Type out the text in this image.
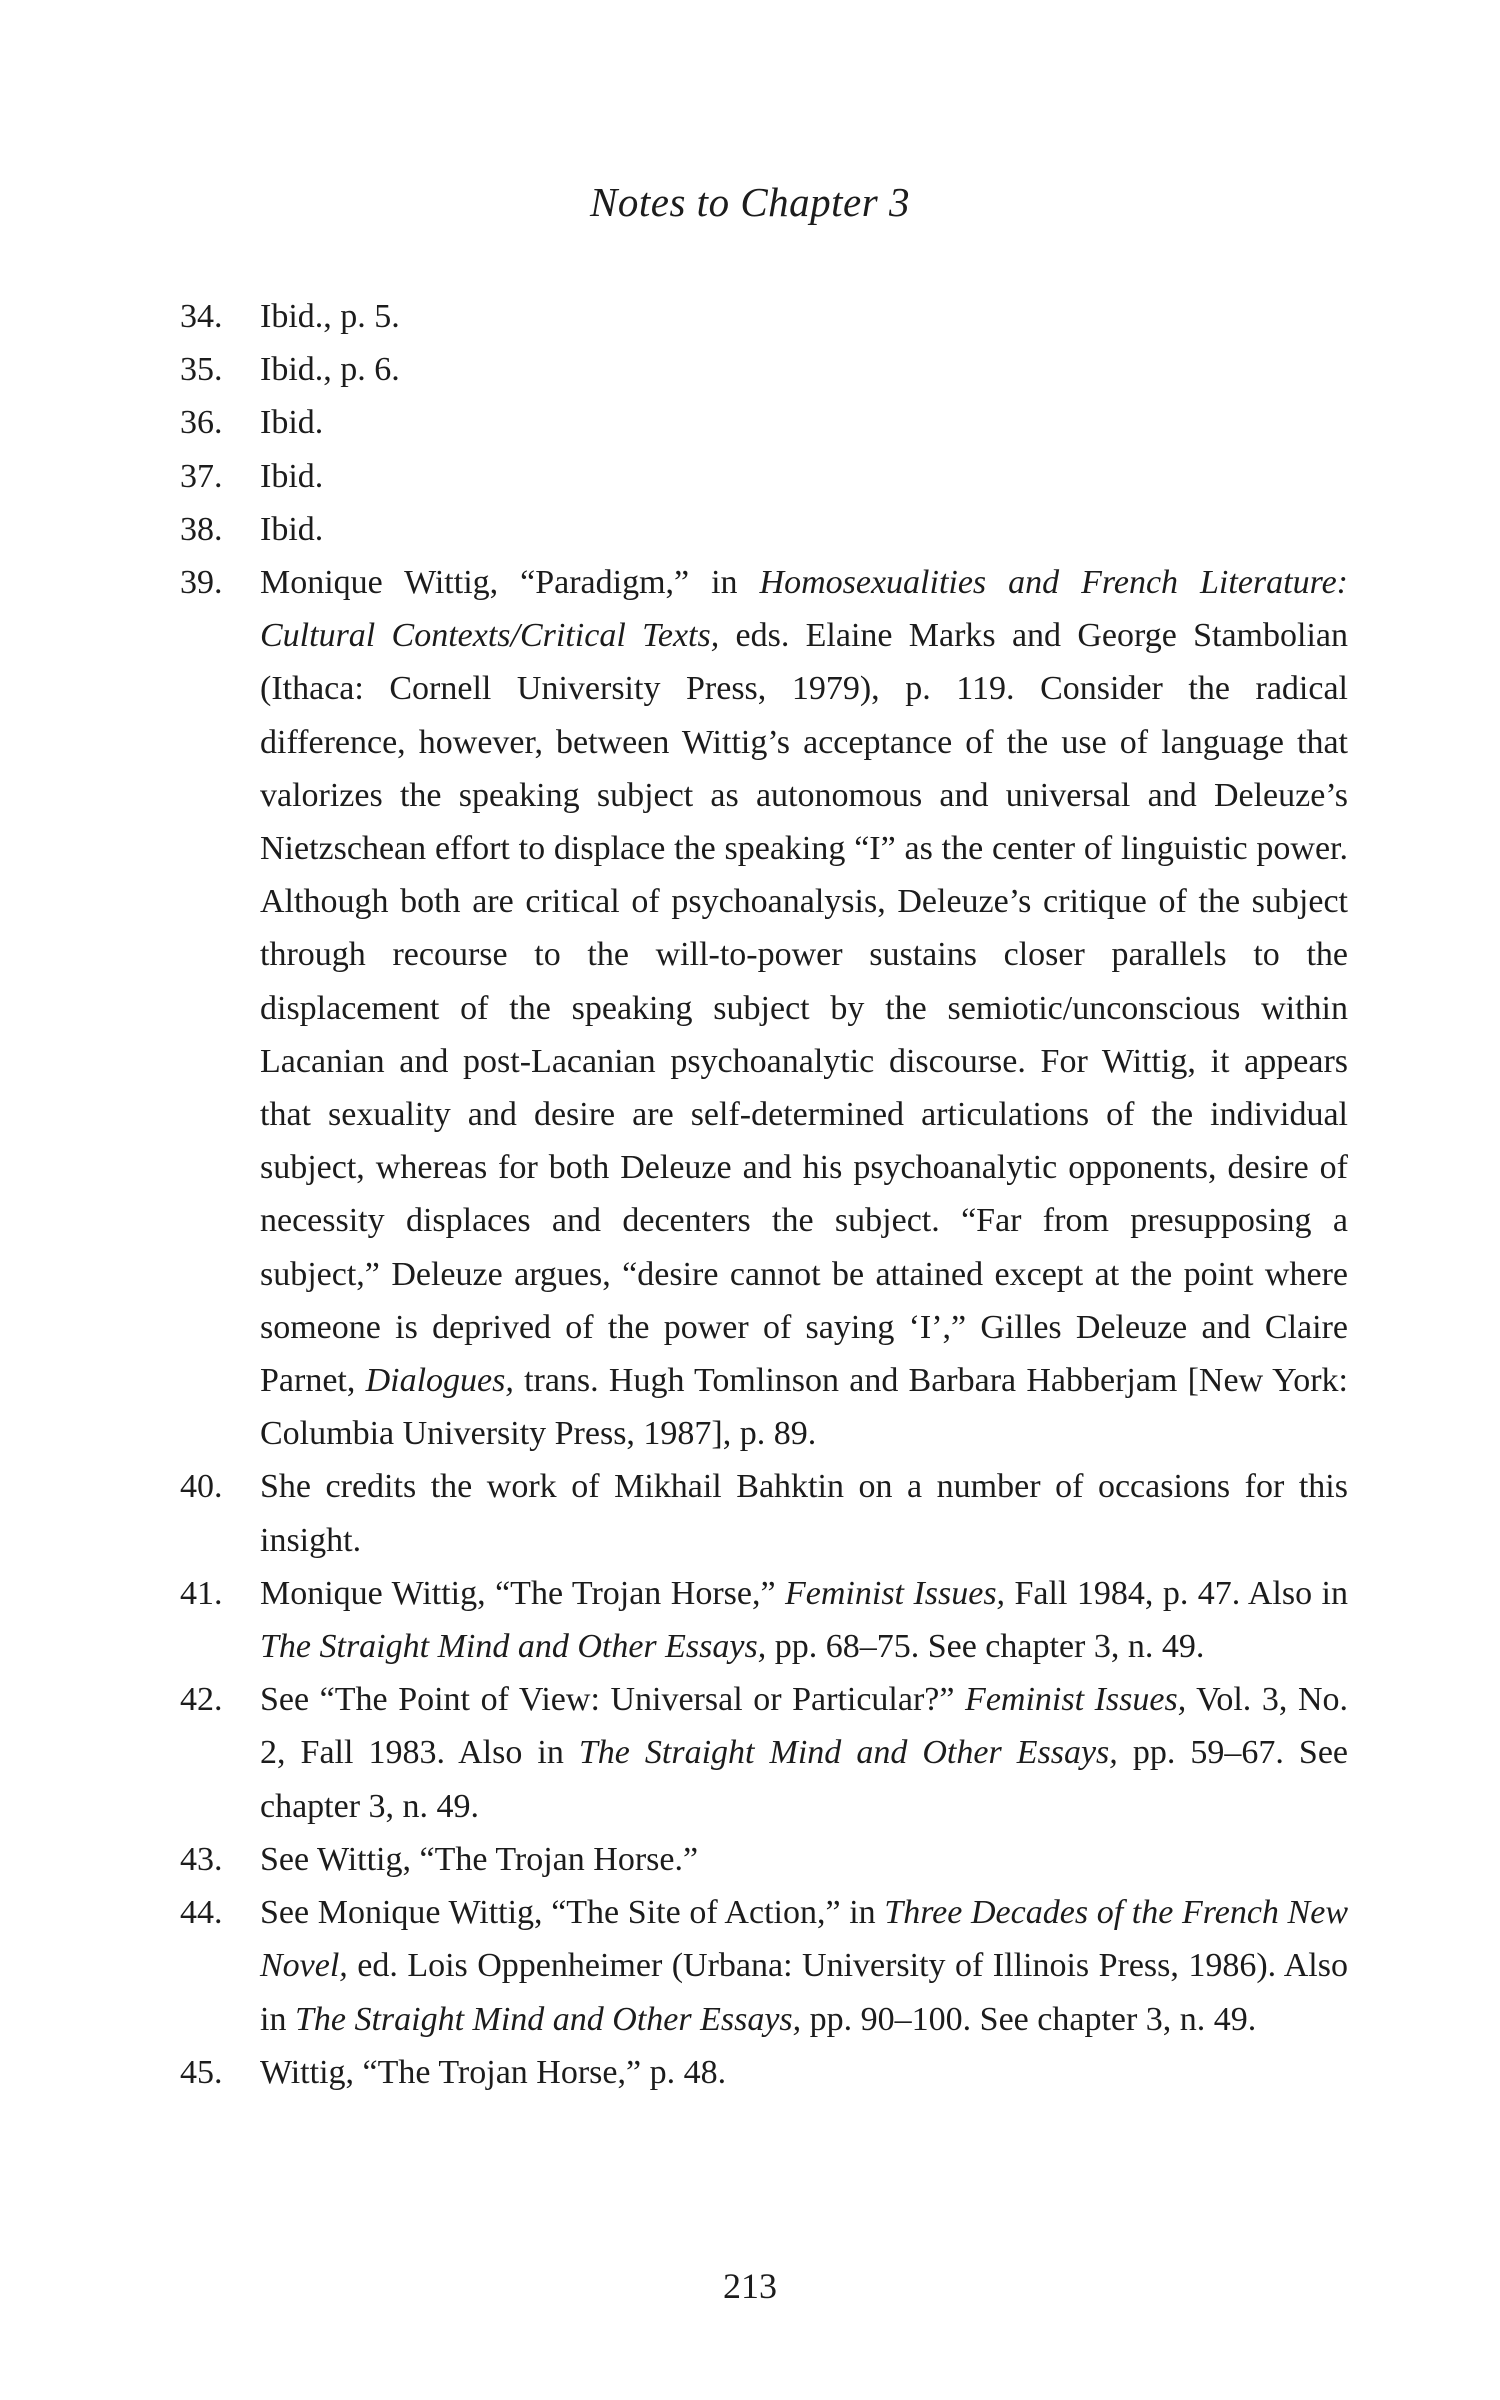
Notes to Chapter 3
34. Ibid., p. 5.
35. Ibid., p. 6.
36. Ibid.
37. Ibid.
38. Ibid.
39. Monique Wittig, “Paradigm,” in Homosexualities and French Literature: Cultural Contexts/Critical Texts, eds. Elaine Marks and George Stambolian (Ithaca: Cornell University Press, 1979), p. 119. Consider the radical difference, however, between Wittig’s acceptance of the use of language that valorizes the speaking subject as autonomous and universal and Deleuze’s Nietzschean effort to displace the speaking “I” as the center of linguistic power. Although both are critical of psychoanalysis, Deleuze’s critique of the subject through recourse to the will-to-power sustains closer parallels to the displacement of the speaking subject by the semiotic/unconscious within Lacanian and post-Lacanian psychoanalytic discourse. For Wittig, it appears that sexuality and desire are self-determined articulations of the individual subject, whereas for both Deleuze and his psychoanalytic opponents, desire of necessity displaces and decenters the subject. “Far from presupposing a subject,” Deleuze argues, “desire cannot be attained except at the point where someone is deprived of the power of saying ‘I’,” Gilles Deleuze and Claire Parnet, Dialogues, trans. Hugh Tomlinson and Barbara Habberjam [New York: Columbia University Press, 1987], p. 89.
40. She credits the work of Mikhail Bahktin on a number of occasions for this insight.
41. Monique Wittig, “The Trojan Horse,” Feminist Issues, Fall 1984, p. 47. Also in The Straight Mind and Other Essays, pp. 68–75. See chapter 3, n. 49.
42. See “The Point of View: Universal or Particular?” Feminist Issues, Vol. 3, No. 2, Fall 1983. Also in The Straight Mind and Other Essays, pp. 59–67. See chapter 3, n. 49.
43. See Wittig, “The Trojan Horse.”
44. See Monique Wittig, “The Site of Action,” in Three Decades of the French New Novel, ed. Lois Oppenheimer (Urbana: University of Illinois Press, 1986). Also in The Straight Mind and Other Essays, pp. 90–100. See chapter 3, n. 49.
45. Wittig, “The Trojan Horse,” p. 48.
213
